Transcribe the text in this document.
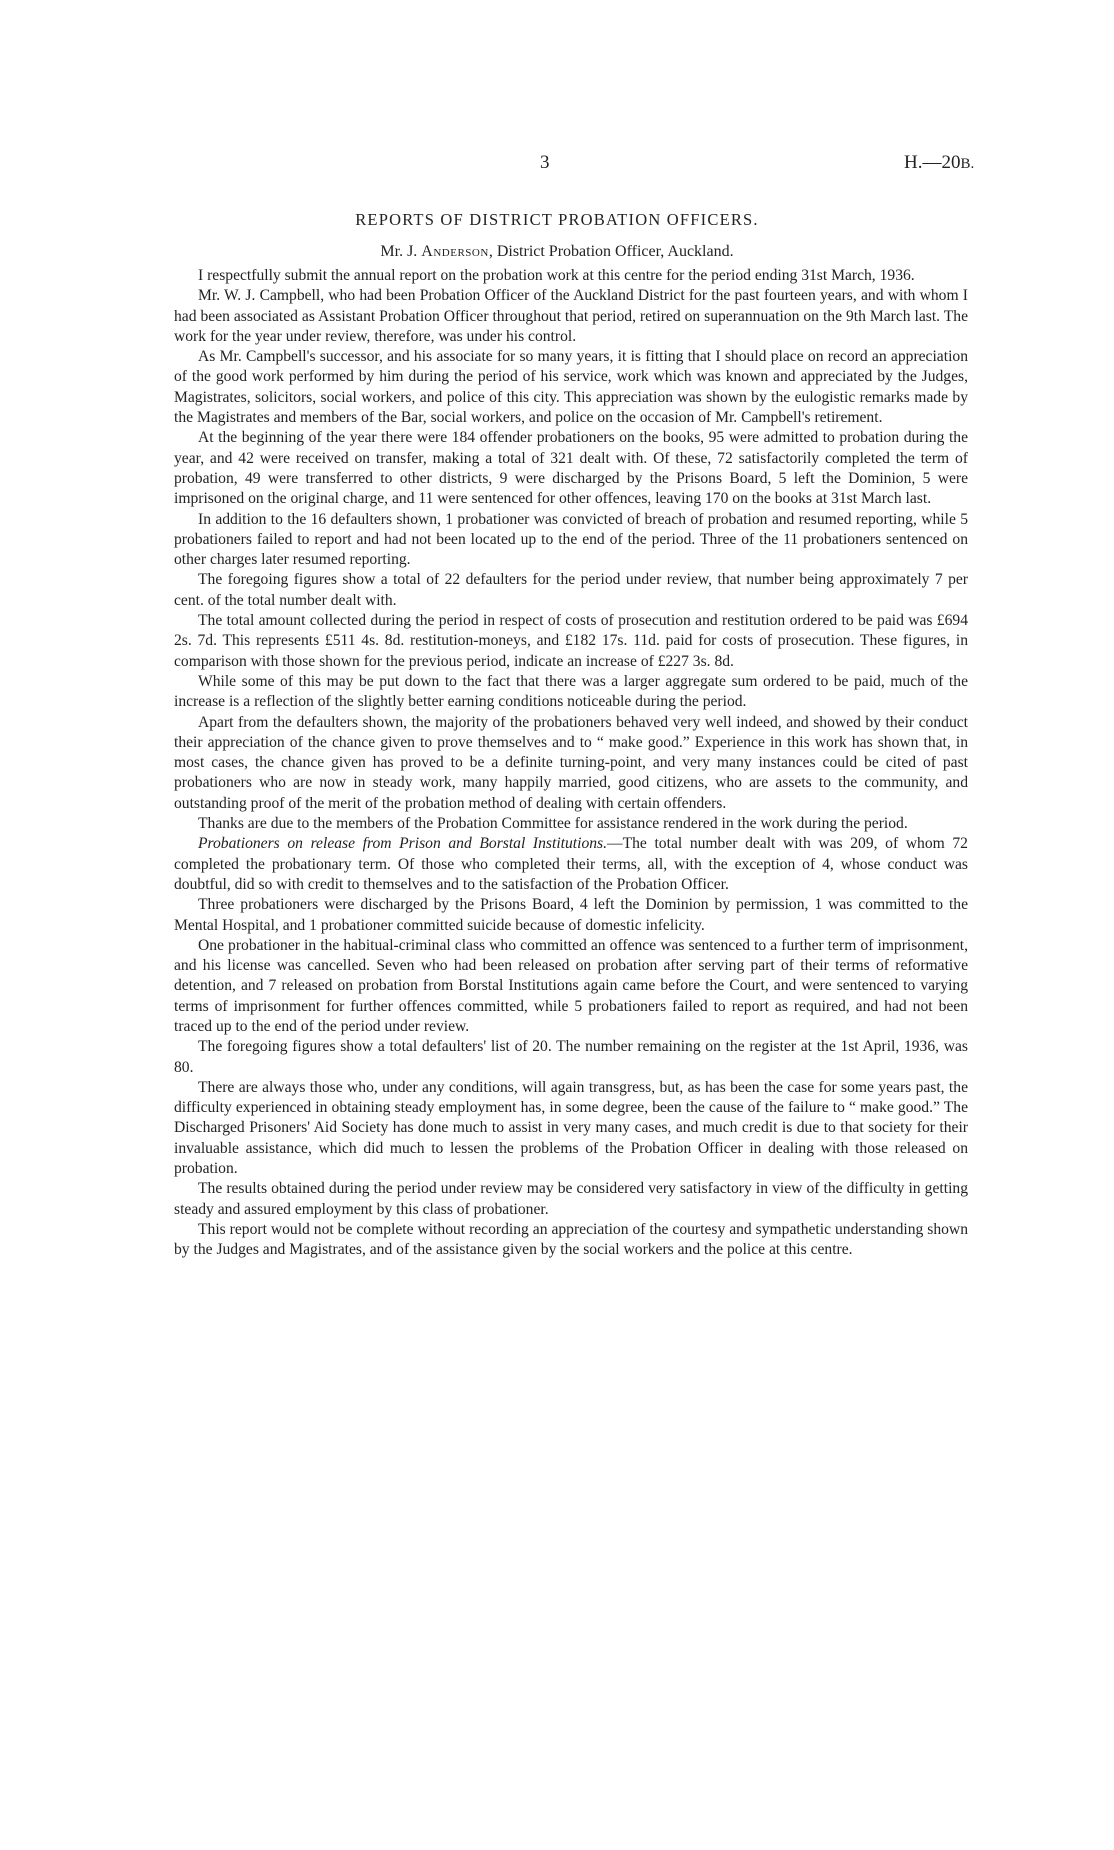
3	H.—20B.
REPORTS OF DISTRICT PROBATION OFFICERS.
Mr. J. Anderson, District Probation Officer, Auckland.

I respectfully submit the annual report on the probation work at this centre for the period ending 31st March, 1936.

Mr. W. J. Campbell, who had been Probation Officer of the Auckland District for the past fourteen years, and with whom I had been associated as Assistant Probation Officer throughout that period, retired on superannuation on the 9th March last. The work for the year under review, therefore, was under his control.

As Mr. Campbell's successor, and his associate for so many years, it is fitting that I should place on record an appreciation of the good work performed by him during the period of his service, work which was known and appreciated by the Judges, Magistrates, solicitors, social workers, and police of this city. This appreciation was shown by the eulogistic remarks made by the Magistrates and members of the Bar, social workers, and police on the occasion of Mr. Campbell's retirement.

At the beginning of the year there were 184 offender probationers on the books, 95 were admitted to probation during the year, and 42 were received on transfer, making a total of 321 dealt with. Of these, 72 satisfactorily completed the term of probation, 49 were transferred to other districts, 9 were discharged by the Prisons Board, 5 left the Dominion, 5 were imprisoned on the original charge, and 11 were sentenced for other offences, leaving 170 on the books at 31st March last.

In addition to the 16 defaulters shown, 1 probationer was convicted of breach of probation and resumed reporting, while 5 probationers failed to report and had not been located up to the end of the period. Three of the 11 probationers sentenced on other charges later resumed reporting.

The foregoing figures show a total of 22 defaulters for the period under review, that number being approximately 7 per cent. of the total number dealt with.

The total amount collected during the period in respect of costs of prosecution and restitution ordered to be paid was £694 2s. 7d. This represents £511 4s. 8d. restitution-moneys, and £182 17s. 11d. paid for costs of prosecution. These figures, in comparison with those shown for the previous period, indicate an increase of £227 3s. 8d.

While some of this may be put down to the fact that there was a larger aggregate sum ordered to be paid, much of the increase is a reflection of the slightly better earning conditions noticeable during the period.

Apart from the defaulters shown, the majority of the probationers behaved very well indeed, and showed by their conduct their appreciation of the chance given to prove themselves and to “ make good.” Experience in this work has shown that, in most cases, the chance given has proved to be a definite turning-point, and very many instances could be cited of past probationers who are now in steady work, many happily married, good citizens, who are assets to the community, and outstanding proof of the merit of the probation method of dealing with certain offenders.

Thanks are due to the members of the Probation Committee for assistance rendered in the work during the period.

Probationers on release from Prison and Borstal Institutions.—The total number dealt with was 209, of whom 72 completed the probationary term. Of those who completed their terms, all, with the exception of 4, whose conduct was doubtful, did so with credit to themselves and to the satisfaction of the Probation Officer.

Three probationers were discharged by the Prisons Board, 4 left the Dominion by permission, 1 was committed to the Mental Hospital, and 1 probationer committed suicide because of domestic infelicity.

One probationer in the habitual-criminal class who committed an offence was sentenced to a further term of imprisonment, and his license was cancelled. Seven who had been released on probation after serving part of their terms of reformative detention, and 7 released on probation from Borstal Institutions again came before the Court, and were sentenced to varying terms of imprisonment for further offences committed, while 5 probationers failed to report as required, and had not been traced up to the end of the period under review.

The foregoing figures show a total defaulters' list of 20. The number remaining on the register at the 1st April, 1936, was 80.

There are always those who, under any conditions, will again transgress, but, as has been the case for some years past, the difficulty experienced in obtaining steady employment has, in some degree, been the cause of the failure to “ make good.” The Discharged Prisoners' Aid Society has done much to assist in very many cases, and much credit is due to that society for their invaluable assistance, which did much to lessen the problems of the Probation Officer in dealing with those released on probation.

The results obtained during the period under review may be considered very satisfactory in view of the difficulty in getting steady and assured employment by this class of probationer.

This report would not be complete without recording an appreciation of the courtesy and sympathetic understanding shown by the Judges and Magistrates, and of the assistance given by the social workers and the police at this centre.
